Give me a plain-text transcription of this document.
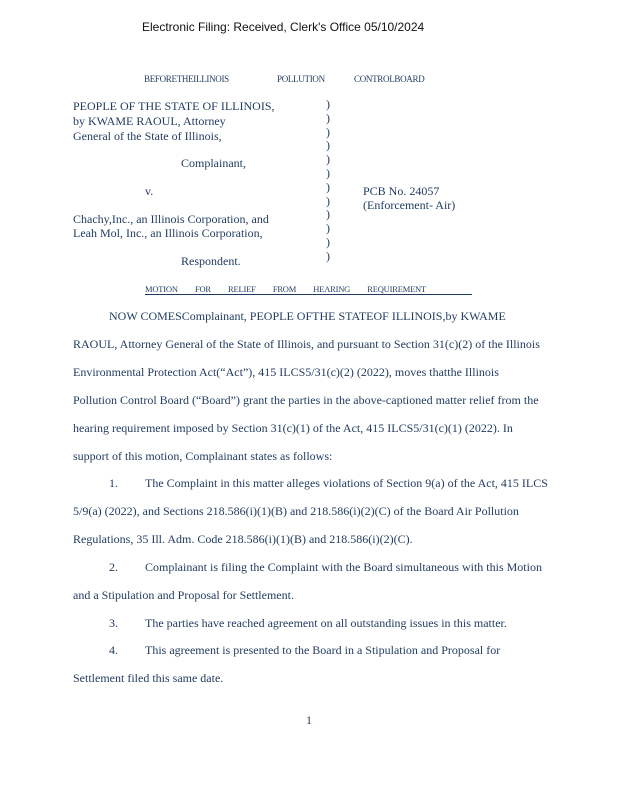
Electronic Filing: Received, Clerk's Office 05/10/2024
BEFORETHEILLINOIS	POLLUTION	CONTROLBOARD
PEOPLE OF THE STATE OF ILLINOIS,
by KWAME RAOUL, Attorney
General of the State of Illinois,
Complainant,
v.
Chachy,Inc., an Illinois Corporation, and
Leah Mol, Inc., an Illinois Corporation,
Respondent.
)
)
)
)
)
)
)
)
)
)
)
)
PCB No. 24057
(Enforcement- Air)
MOTION FOR RELIEF FROM HEARING REQUIREMENT
NOW COMESComplainant, PEOPLE OFTHE STATEOF ILLINOIS,by KWAME
RAOUL, Attorney General of the State of Illinois, and pursuant to Section 31(c)(2) of the Illinois
Environmental Protection Act(“Act”), 415 ILCS5/31(c)(2) (2022), moves thatthe Illinois
Pollution Control Board (“Board”) grant the parties in the above-captioned matter relief from the
hearing requirement imposed by Section 31(c)(1) of the Act, 415 ILCS5/31(c)(1) (2022). In
support of this motion, Complainant states as follows:
1. The Complaint in this matter alleges violations of Section 9(a) of the Act, 415 ILCS
5/9(a) (2022), and Sections 218.586(i)(1)(B) and 218.586(i)(2)(C) of the Board Air Pollution
Regulations, 35 Ill. Adm. Code 218.586(i)(1)(B) and 218.586(i)(2)(C).
2. Complainant is filing the Complaint with the Board simultaneous with this Motion
and a Stipulation and Proposal for Settlement.
3. The parties have reached agreement on all outstanding issues in this matter.
4. This agreement is presented to the Board in a Stipulation and Proposal for
Settlement filed this same date.
1
